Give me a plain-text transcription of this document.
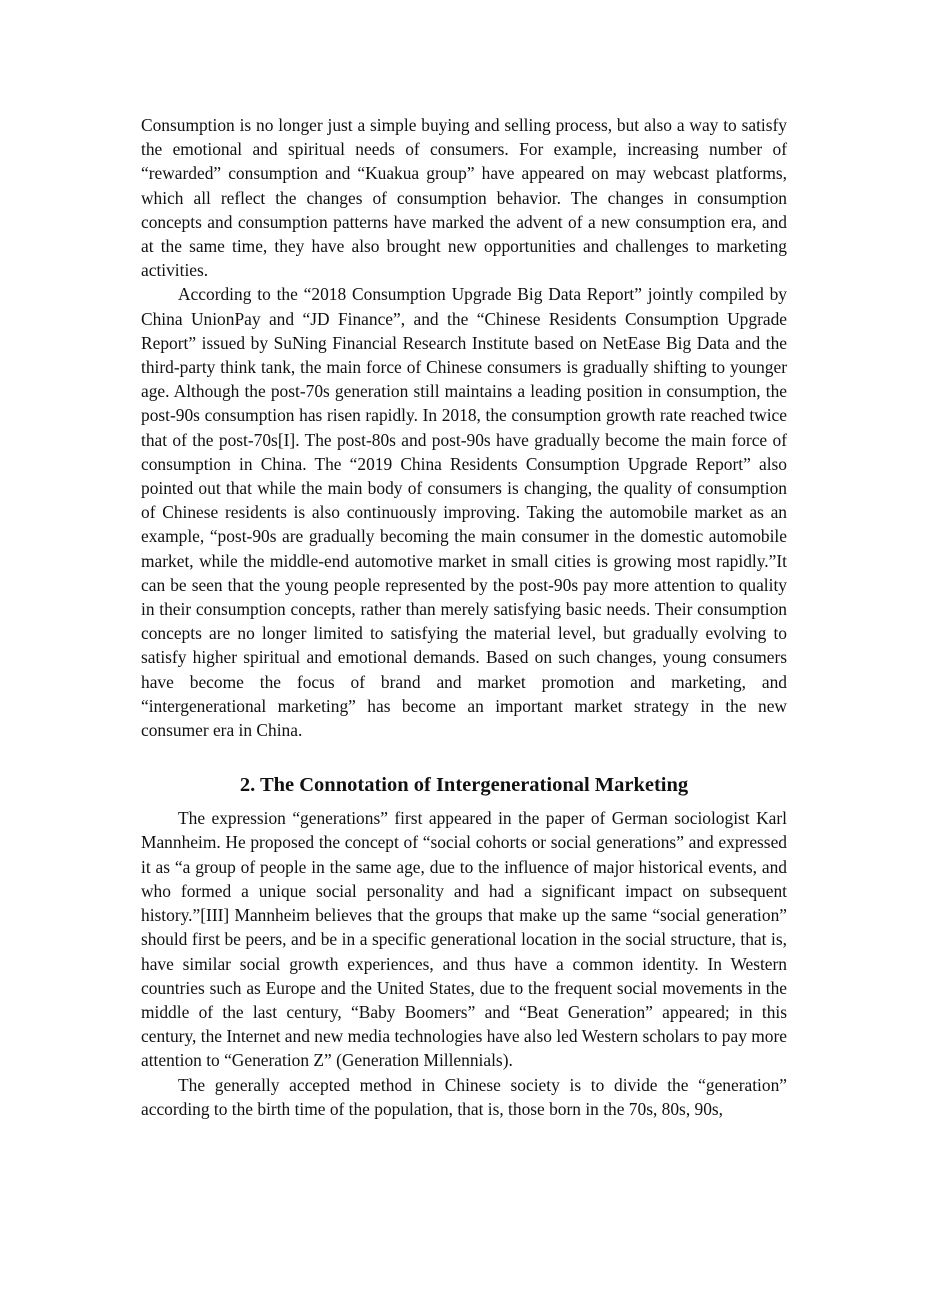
Consumption is no longer just a simple buying and selling process, but also a way to satisfy the emotional and spiritual needs of consumers. For example, increasing number of “rewarded” consumption and “Kuakua group” have appeared on may webcast platforms, which all reflect the changes of consumption behavior. The changes in consumption concepts and consumption patterns have marked the advent of a new consumption era, and at the same time, they have also brought new opportunities and challenges to marketing activities.

According to the “2018 Consumption Upgrade Big Data Report” jointly compiled by China UnionPay and “JD Finance”, and the “Chinese Residents Consumption Upgrade Report” issued by SuNing Financial Research Institute based on NetEase Big Data and the third-party think tank, the main force of Chinese consumers is gradually shifting to younger age. Although the post-70s generation still maintains a leading position in consumption, the post-90s consumption has risen rapidly. In 2018, the consumption growth rate reached twice that of the post-70s[I]. The post-80s and post-90s have gradually become the main force of consumption in China. The “2019 China Residents Consumption Upgrade Report” also pointed out that while the main body of consumers is changing, the quality of consumption of Chinese residents is also continuously improving. Taking the automobile market as an example, “post-90s are gradually becoming the main consumer in the domestic automobile market, while the middle-end automotive market in small cities is growing most rapidly.”It can be seen that the young people represented by the post-90s pay more attention to quality in their consumption concepts, rather than merely satisfying basic needs. Their consumption concepts are no longer limited to satisfying the material level, but gradually evolving to satisfy higher spiritual and emotional demands. Based on such changes, young consumers have become the focus of brand and market promotion and marketing, and “intergenerational marketing” has become an important market strategy in the new consumer era in China.

2. The Connotation of Intergenerational Marketing

The expression “generations” first appeared in the paper of German sociologist Karl Mannheim. He proposed the concept of “social cohorts or social generations” and expressed it as “a group of people in the same age, due to the influence of major historical events, and who formed a unique social personality and had a significant impact on subsequent history.”[III] Mannheim believes that the groups that make up the same “social generation” should first be peers, and be in a specific generational location in the social structure, that is, have similar social growth experiences, and thus have a common identity. In Western countries such as Europe and the United States, due to the frequent social movements in the middle of the last century, “Baby Boomers” and “Beat Generation” appeared; in this century, the Internet and new media technologies have also led Western scholars to pay more attention to “Generation Z” (Generation Millennials).

The generally accepted method in Chinese society is to divide the “generation” according to the birth time of the population, that is, those born in the 70s, 80s, 90s,
